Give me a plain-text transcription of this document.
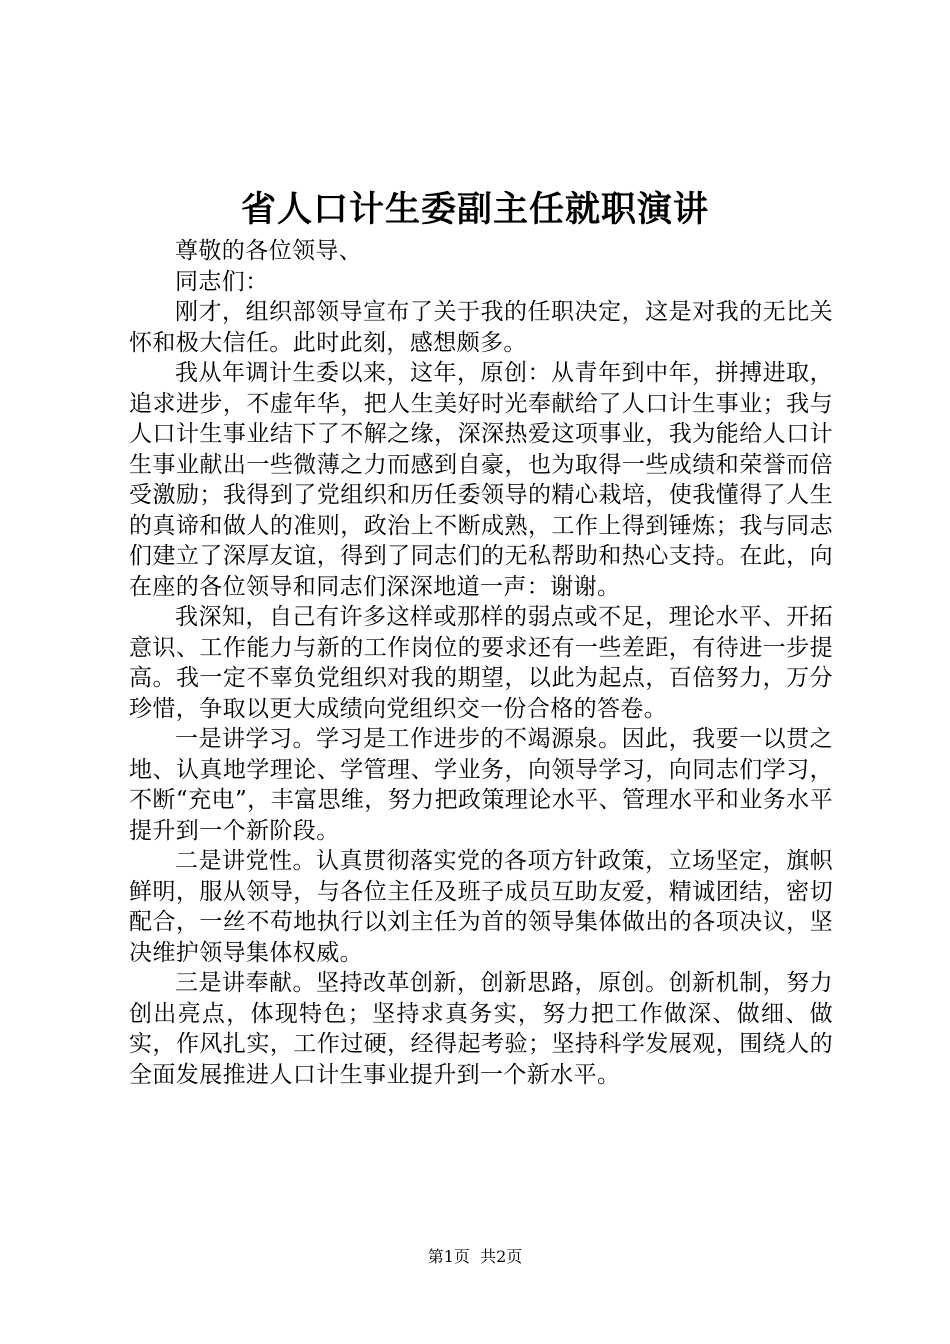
省人口计生委副主任就职演讲

尊敬的各位领导、

同志们：

刚才，组织部领导宣布了关于我的任职决定，这是对我的无比关怀和极大信任。此时此刻，感想颇多。

我从年调计生委以来，这年，原创：从青年到中年，拼搏进取，追求进步，不虚年华，把人生美好时光奉献给了人口计生事业；我与人口计生事业结下了不解之缘，深深热爱这项事业，我为能给人口计生事业献出一些微薄之力而感到自豪，也为取得一些成绩和荣誉而倍受激励；我得到了党组织和历任委领导的精心栽培，使我懂得了人生的真谛和做人的准则，政治上不断成熟，工作上得到锤炼；我与同志们建立了深厚友谊，得到了同志们的无私帮助和热心支持。在此，向在座的各位领导和同志们深深地道一声：谢谢。

我深知，自己有许多这样或那样的弱点或不足，理论水平、开拓意识、工作能力与新的工作岗位的要求还有一些差距，有待进一步提高。我一定不辜负党组织对我的期望，以此为起点，百倍努力，万分珍惜，争取以更大成绩向党组织交一份合格的答卷。

一是讲学习。学习是工作进步的不竭源泉。因此，我要一以贯之地、认真地学理论、学管理、学业务，向领导学习，向同志们学习，不断“充电”，丰富思维，努力把政策理论水平、管理水平和业务水平提升到一个新阶段。

二是讲党性。认真贯彻落实党的各项方针政策，立场坚定，旗帜鲜明，服从领导，与各位主任及班子成员互助友爱，精诚团结，密切配合，一丝不苟地执行以刘主任为首的领导集体做出的各项决议，坚决维护领导集体权威。

三是讲奉献。坚持改革创新，创新思路，原创。创新机制，努力创出亮点，体现特色；坚持求真务实，努力把工作做深、做细、做实，作风扎实，工作过硬，经得起考验；坚持科学发展观，围绕人的全面发展推进人口计生事业提升到一个新水平。

第1页  共2页
